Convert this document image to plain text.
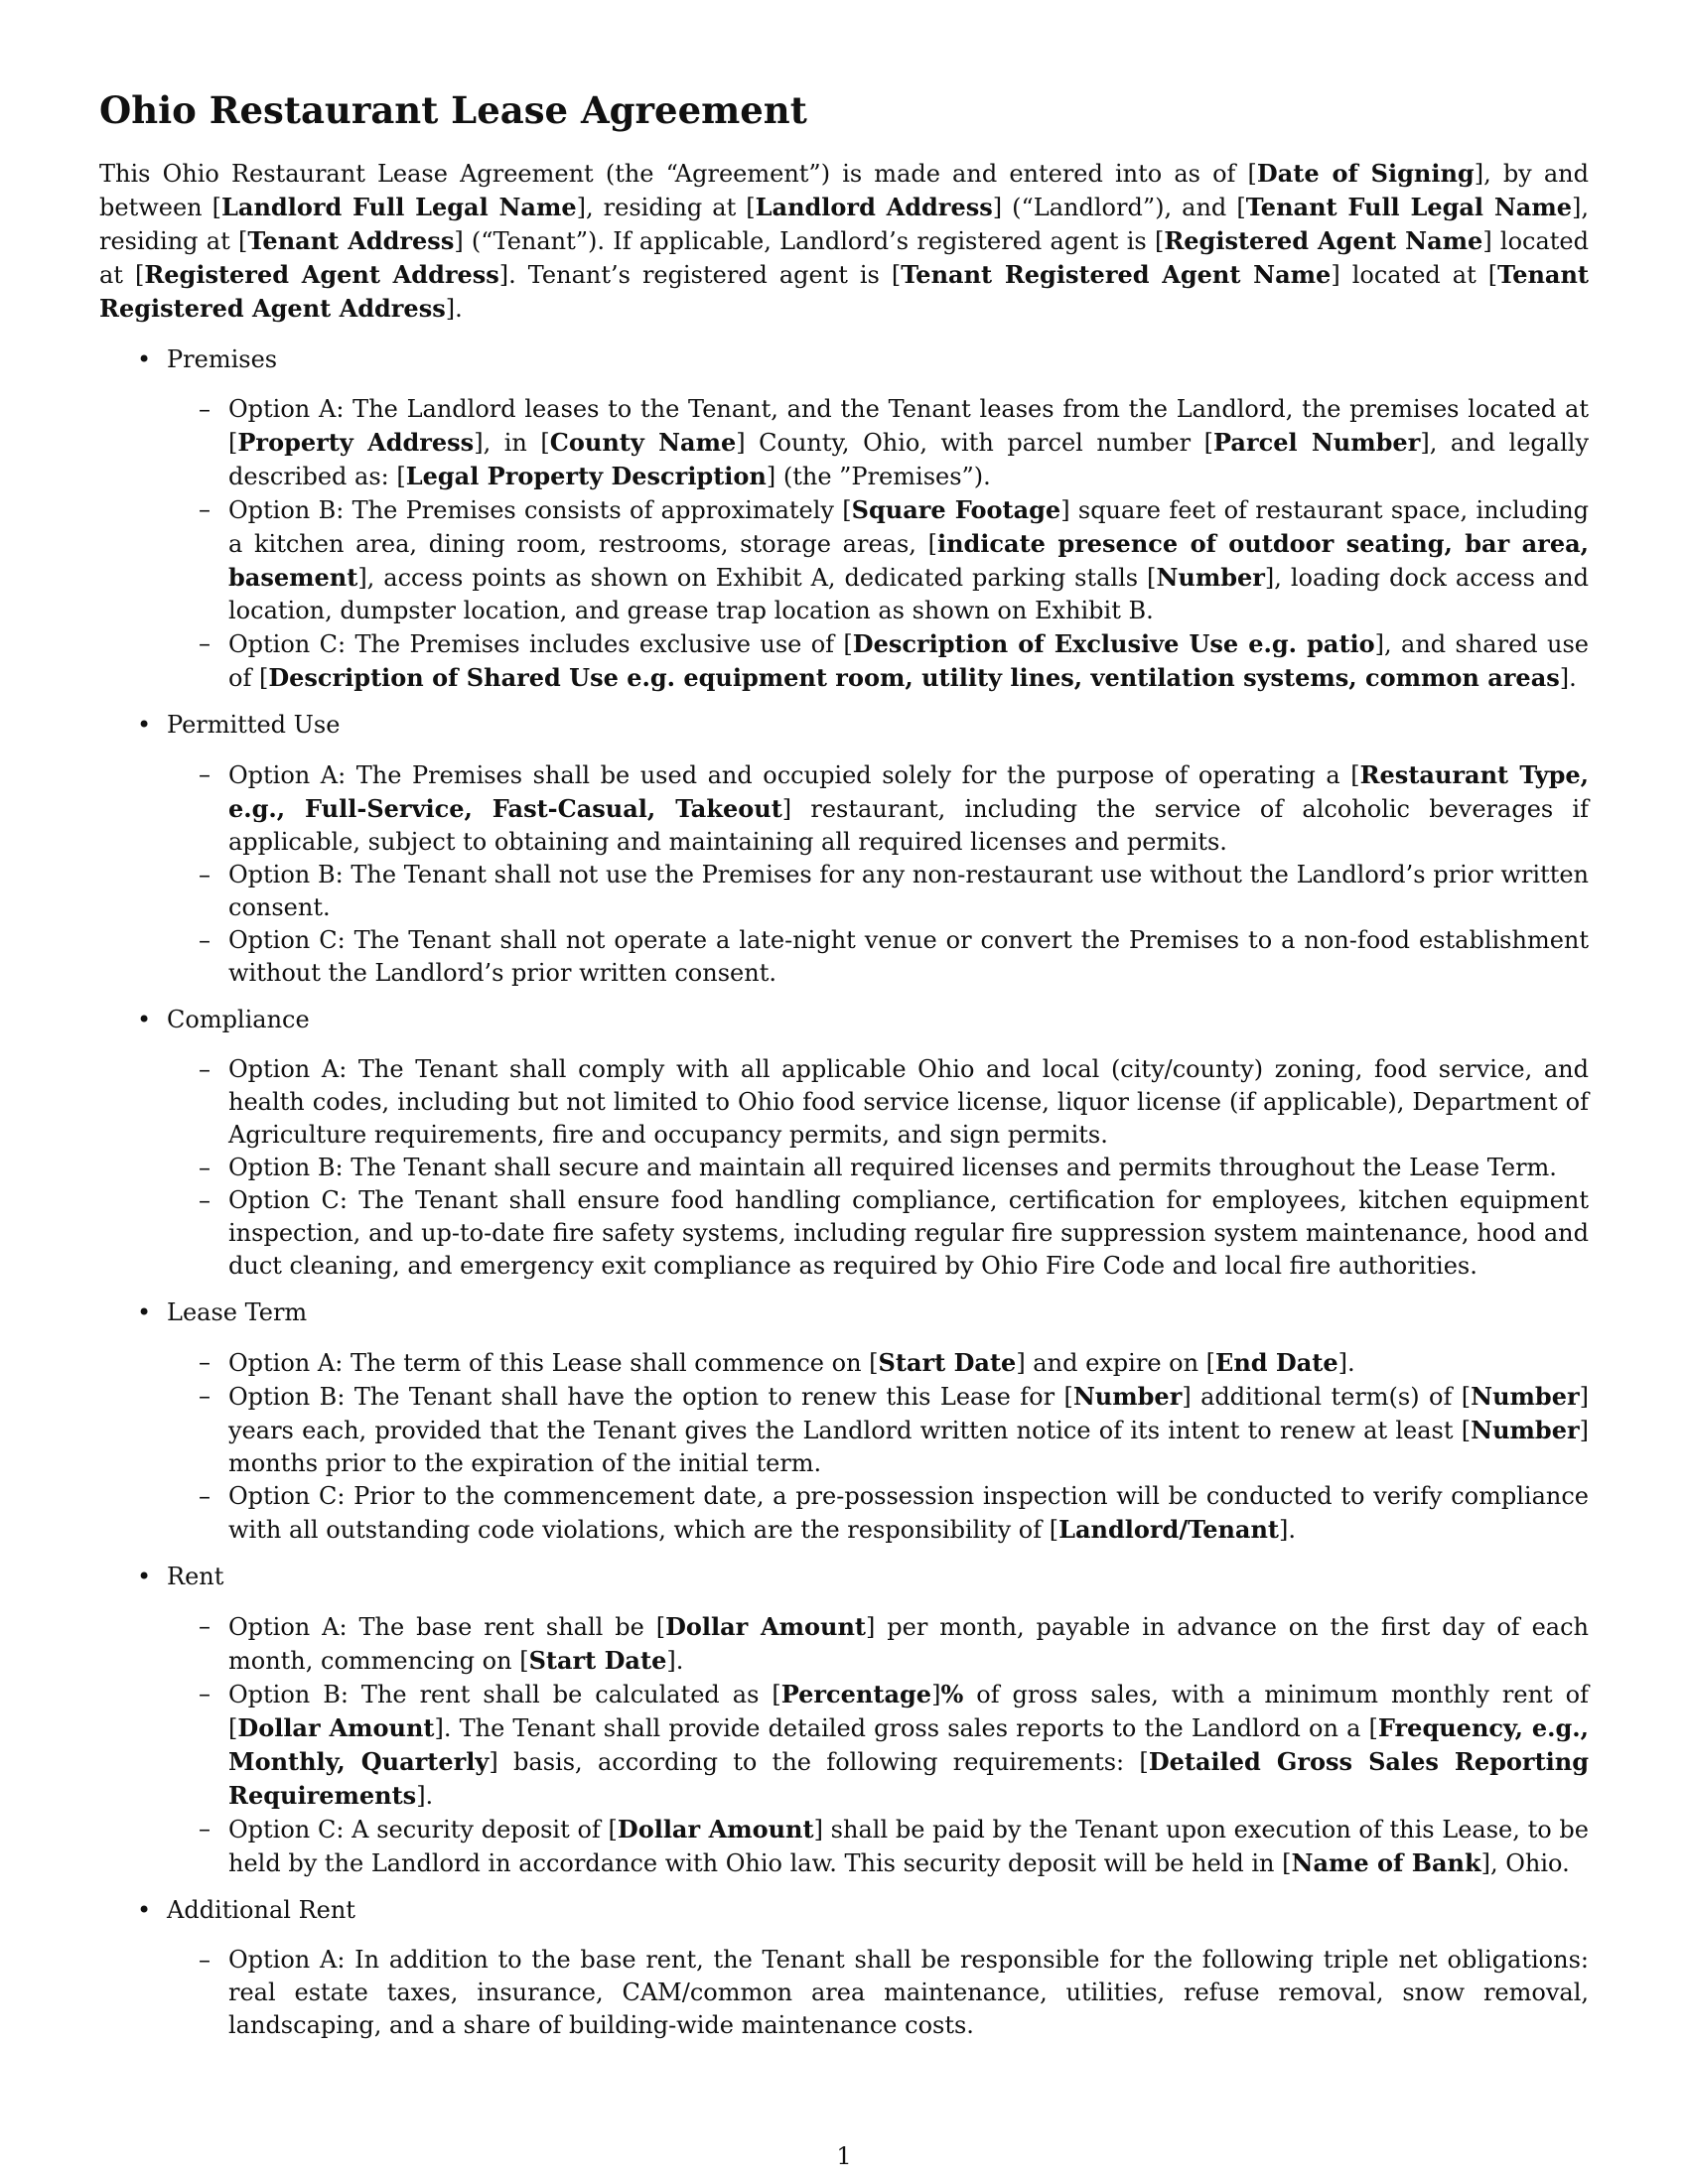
Ohio Restaurant Lease Agreement

This Ohio Restaurant Lease Agreement (the “Agreement”) is made and entered into as of [Date of Signing], by and between [Landlord Full Legal Name], residing at [Landlord Address] (“Landlord”), and [Tenant Full Legal Name], residing at [Tenant Address] (“Tenant”). If applicable, Landlord’s registered agent is [Registered Agent Name] located at [Registered Agent Address]. Tenant’s registered agent is [Tenant Registered Agent Name] located at [Tenant Registered Agent Address].

• Premises
– Option A: The Landlord leases to the Tenant, and the Tenant leases from the Landlord, the premises located at [Property Address], in [County Name] County, Ohio, with parcel number [Parcel Number], and legally described as: [Legal Property Description] (the ”Premises”).
– Option B: The Premises consists of approximately [Square Footage] square feet of restaurant space, including a kitchen area, dining room, restrooms, storage areas, [indicate presence of outdoor seating, bar area, basement], access points as shown on Exhibit A, dedicated parking stalls [Number], loading dock access and location, dumpster location, and grease trap location as shown on Exhibit B.
– Option C: The Premises includes exclusive use of [Description of Exclusive Use e.g. patio], and shared use of [Description of Shared Use e.g. equipment room, utility lines, ventilation systems, common areas].
• Permitted Use
– Option A: The Premises shall be used and occupied solely for the purpose of operating a [Restaurant Type, e.g., Full-Service, Fast-Casual, Takeout] restaurant, including the service of alcoholic beverages if applicable, subject to obtaining and maintaining all required licenses and permits.
– Option B: The Tenant shall not use the Premises for any non-restaurant use without the Landlord’s prior written consent.
– Option C: The Tenant shall not operate a late-night venue or convert the Premises to a non-food establishment without the Landlord’s prior written consent.
• Compliance
– Option A: The Tenant shall comply with all applicable Ohio and local (city/county) zoning, food service, and health codes, including but not limited to Ohio food service license, liquor license (if applicable), Department of Agriculture requirements, fire and occupancy permits, and sign permits.
– Option B: The Tenant shall secure and maintain all required licenses and permits throughout the Lease Term.
– Option C: The Tenant shall ensure food handling compliance, certification for employees, kitchen equipment inspection, and up-to-date fire safety systems, including regular fire suppression system maintenance, hood and duct cleaning, and emergency exit compliance as required by Ohio Fire Code and local fire authorities.
• Lease Term
– Option A: The term of this Lease shall commence on [Start Date] and expire on [End Date].
– Option B: The Tenant shall have the option to renew this Lease for [Number] additional term(s) of [Number] years each, provided that the Tenant gives the Landlord written notice of its intent to renew at least [Number] months prior to the expiration of the initial term.
– Option C: Prior to the commencement date, a pre-possession inspection will be conducted to verify compliance with all outstanding code violations, which are the responsibility of [Landlord/Tenant].
• Rent
– Option A: The base rent shall be [Dollar Amount] per month, payable in advance on the first day of each month, commencing on [Start Date].
– Option B: The rent shall be calculated as [Percentage]% of gross sales, with a minimum monthly rent of [Dollar Amount]. The Tenant shall provide detailed gross sales reports to the Landlord on a [Frequency, e.g., Monthly, Quarterly] basis, according to the following requirements: [Detailed Gross Sales Reporting Requirements].
– Option C: A security deposit of [Dollar Amount] shall be paid by the Tenant upon execution of this Lease, to be held by the Landlord in accordance with Ohio law. This security deposit will be held in [Name of Bank], Ohio.
• Additional Rent
– Option A: In addition to the base rent, the Tenant shall be responsible for the following triple net obligations: real estate taxes, insurance, CAM/common area maintenance, utilities, refuse removal, snow removal, landscaping, and a share of building-wide maintenance costs.
1
